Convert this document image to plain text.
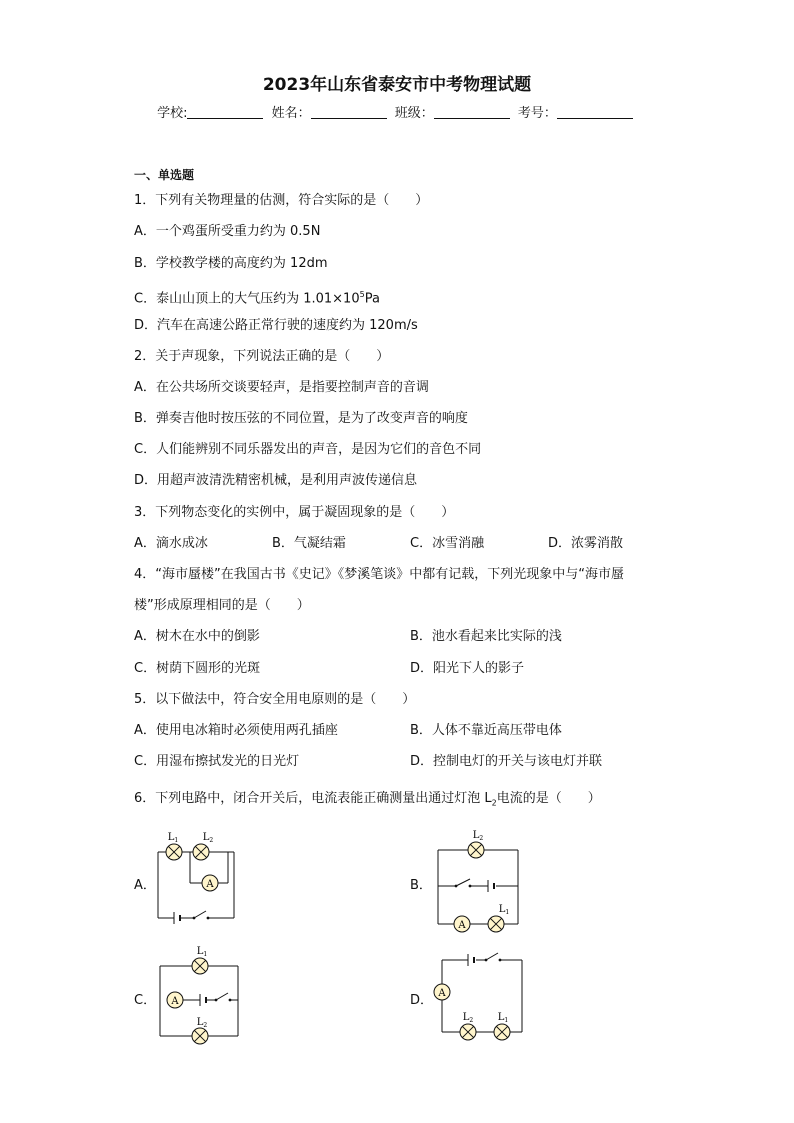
2023年山东省泰安市中考物理试题
学校:	姓名：	班级：	考号：
一、单选题
1．下列有关物理量的估测，符合实际的是（　　）
A．一个鸡蛋所受重力约为 0.5N
B．学校教学楼的高度约为 12dm
C．泰山山顶上的大气压约为 $1.01\times 10^5Pa$
D．汽车在高速公路正常行驶的速度约为 120m/s
2．关于声现象，下列说法正确的是（　　）
A．在公共场所交谈要轻声，是指要控制声音的音调
B．弹奏吉他时按压弦的不同位置，是为了改变声音的响度
C．人们能辨别不同乐器发出的声音，是因为它们的音色不同
D．用超声波清洗精密机械，是利用声波传递信息
3．下列物态变化的实例中，属于凝固现象的是（　　）
A．滴水成冰	B．气凝结霜	C．冰雪消融	D．浓雾消散
4．“海市蜃楼”在我国古书《史记》《梦溪笔谈》中都有记载，下列光现象中与“海市蜃
楼”形成原理相同的是（　　）
A．树木在水中的倒影	B．池水看起来比实际的浅
C．树荫下圆形的光斑	D．阳光下人的影子
5．以下做法中，符合安全用电原则的是（　　）
A．使用电冰箱时必须使用两孔插座	B．人体不靠近高压带电体
C．用湿布擦拭发光的日光灯	D．控制电灯的开关与该电灯并联
6．下列电路中，闭合开关后，电流表能正确测量出通过灯泡 $L_2$电流的是（　　）
A．	A
$L_1$ $L_2$
B．
A
$L_2$
$L_1$
C． A
$L_1$
$L_2$
D． A
$L_2$ $L_1$
